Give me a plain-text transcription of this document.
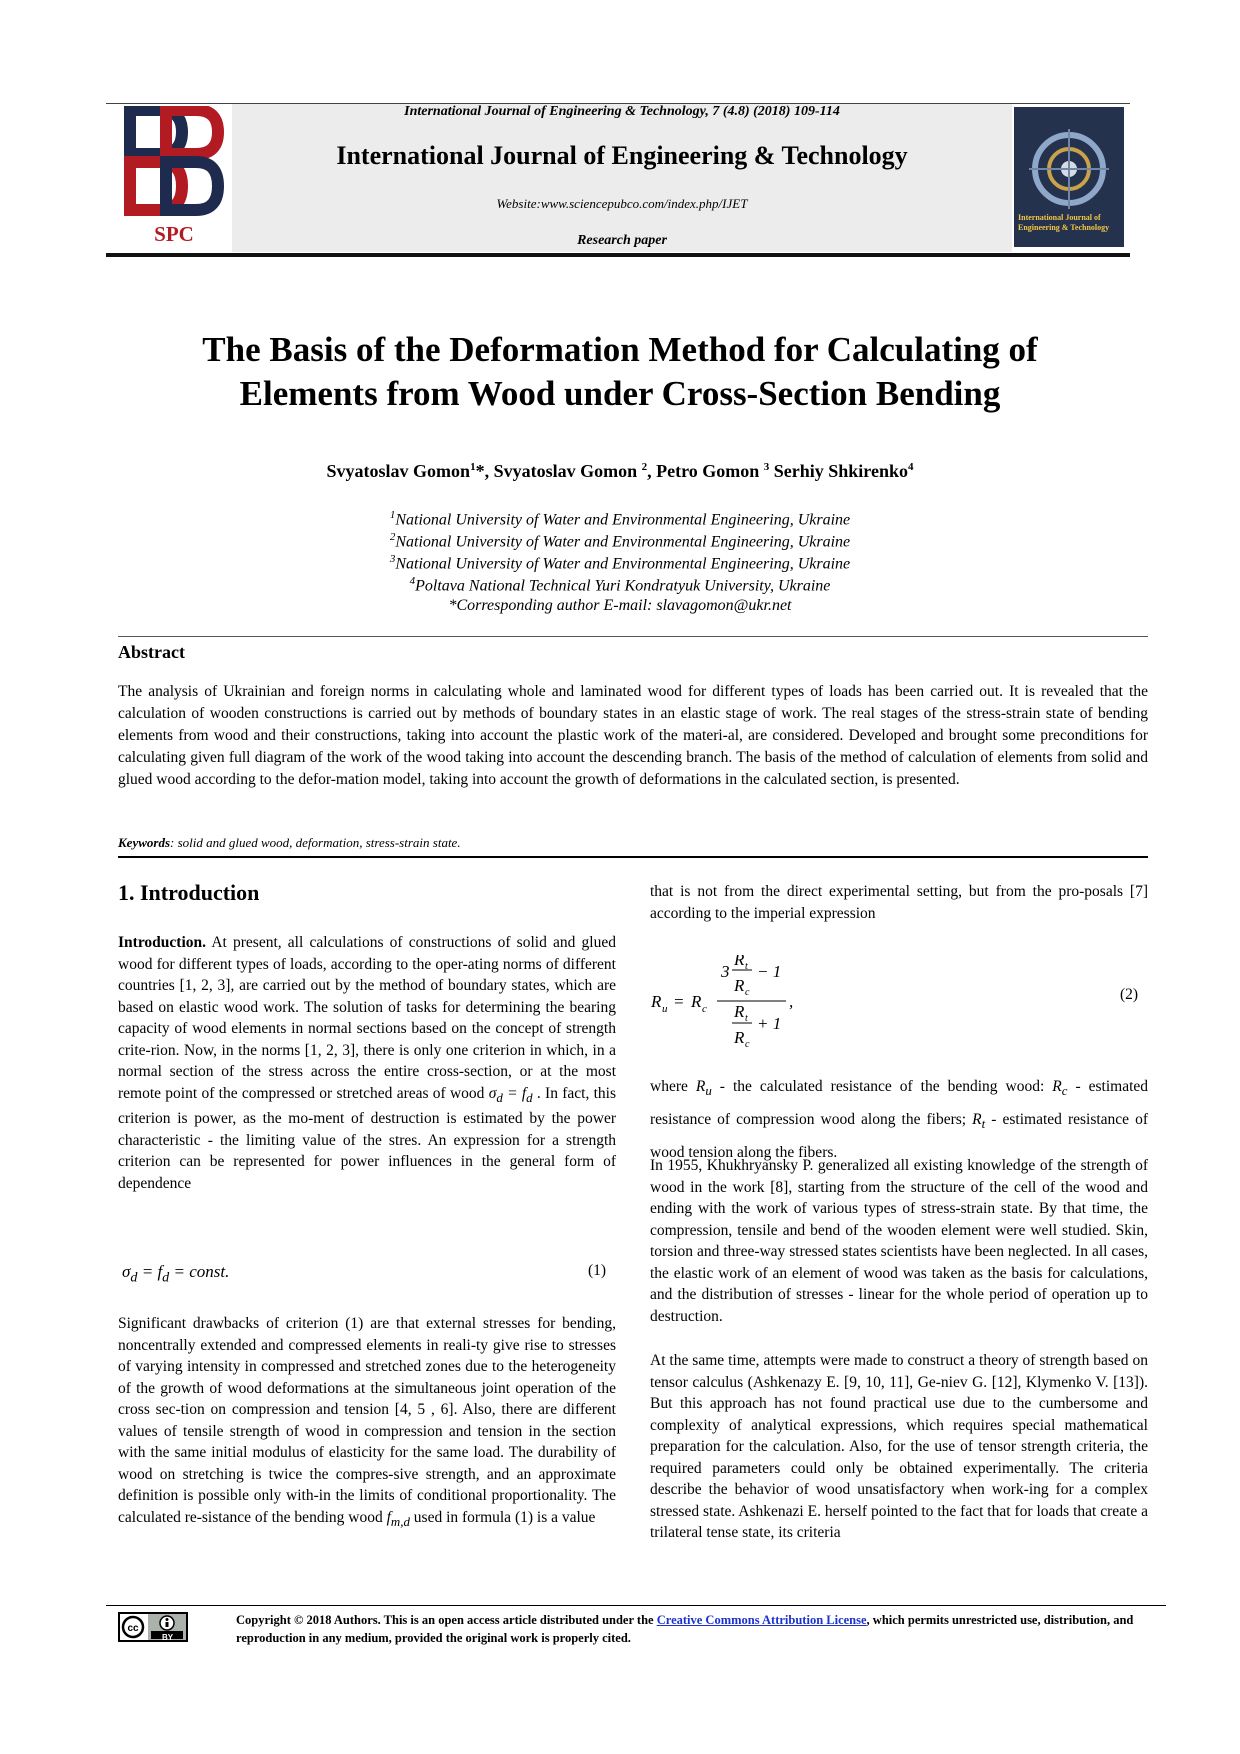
SPC
International Journal of Engineering & Technology, 7 (4.8) (2018) 109-114
International Journal of Engineering & Technology
Website:www.sciencepubco.com/index.php/IJET
Research paper
International Journal of Engineering & Technology
The Basis of the Deformation Method for Calculating of
Elements from Wood under Cross-Section Bending
Svyatoslav Gomon$^1$*, Svyatoslav Gomon $^2$, Petro Gomon $^3$ Serhiy Shkirenko$^4$
$^1$National University of Water and Environmental Engineering, Ukraine
$^2$National University of Water and Environmental Engineering, Ukraine
$^3$National University of Water and Environmental Engineering, Ukraine
$^4$Poltava National Technical Yuri Kondratyuk University, Ukraine
*Corresponding author E-mail: slavagomon@ukr.net
Abstract
The analysis of Ukrainian and foreign norms in calculating whole and laminated wood for different types of loads has been carried out. It is revealed that the calculation of wooden constructions is carried out by methods of boundary states in an elastic stage of work. The real stages of the stress-strain state of bending elements from wood and their constructions, taking into account the plastic work of the materi-al, are considered. Developed and brought some preconditions for calculating given full diagram of the work of the wood taking into account the descending branch. The basis of the method of calculation of elements from solid and glued wood according to the defor-mation model, taking into account the growth of deformations in the calculated section, is presented.
Keywords: solid and glued wood, deformation, stress-strain state.
1. Introduction

Introduction. At present, all calculations of constructions of solid and glued wood for different types of loads, according to the oper-ating norms of different countries [1, 2, 3], are carried out by the method of boundary states, which are based on elastic wood work. The solution of tasks for determining the bearing capacity of wood elements in normal sections based on the concept of strength crite-rion. Now, in the norms [1, 2, 3], there is only one criterion in which, in a normal section of the stress across the entire cross-section, or at the most remote point of the compressed or stretched areas of wood $\sigma_d = f_d$ . In fact, this criterion is power, as the mo-ment of destruction is estimated by the power characteristic - the limiting value of the stres. An expression for a strength criterion can be represented for power influences in the general form of dependence

$\sigma_d = f_d$ = const.	(1)

Significant drawbacks of criterion (1) are that external stresses for bending, noncentrally extended and compressed elements in reali-ty give rise to stresses of varying intensity in compressed and stretched zones due to the heterogeneity of the growth of wood deformations at the simultaneous joint operation of the cross sec-tion on compression and tension [4, 5 , 6]. Also, there are different values of tensile strength of wood in compression and tension in the section with the same initial modulus of elasticity for the same load. The durability of wood on stretching is twice the compres-sive strength, and an approximate definition is possible only with-in the limits of conditional proportionality. The calculated re-sistance of the bending wood $f_{m,d}$ used in formula (1) is a value

that is not from the direct experimental setting, but from the pro-posals [7] according to the imperial expression
R u = R c
3
R t
R c
− 1
R t
R c
+ 1
,	(2)

where $R_u$ - the calculated resistance of the bending wood: $R_c$ - estimated resistance of compression wood along the fibers; $R_t$ - estimated resistance of wood tension along the fibers.

In 1955, Khukhryansky P. generalized all existing knowledge of the strength of wood in the work [8], starting from the structure of the cell of the wood and ending with the work of various types of stress-strain state. By that time, the compression, tensile and bend of the wooden element were well studied. Skin, torsion and three-way stressed states scientists have been neglected. In all cases, the elastic work of an element of wood was taken as the basis for calculations, and the distribution of stresses - linear for the whole period of operation up to destruction.
At the same time, attempts were made to construct a theory of strength based on tensor calculus (Ashkenazy E. [9, 10, 11], Ge-niev G. [12], Klymenko V. [13]). But this approach has not found practical use due to the cumbersome and complexity of analytical expressions, which requires special mathematical preparation for the calculation. Also, for the use of tensor strength criteria, the required parameters could only be obtained experimentally. The criteria describe the behavior of wood unsatisfactory when work-ing for a complex stressed state. Ashkenazi E. herself pointed to the fact that for loads that create a trilateral tense state, its criteria
cc
BY
Copyright © 2018 Authors. This is an open access article distributed under the Creative Commons Attribution License, which permits unrestricted use, distribution, and reproduction in any medium, provided the original work is properly cited.
